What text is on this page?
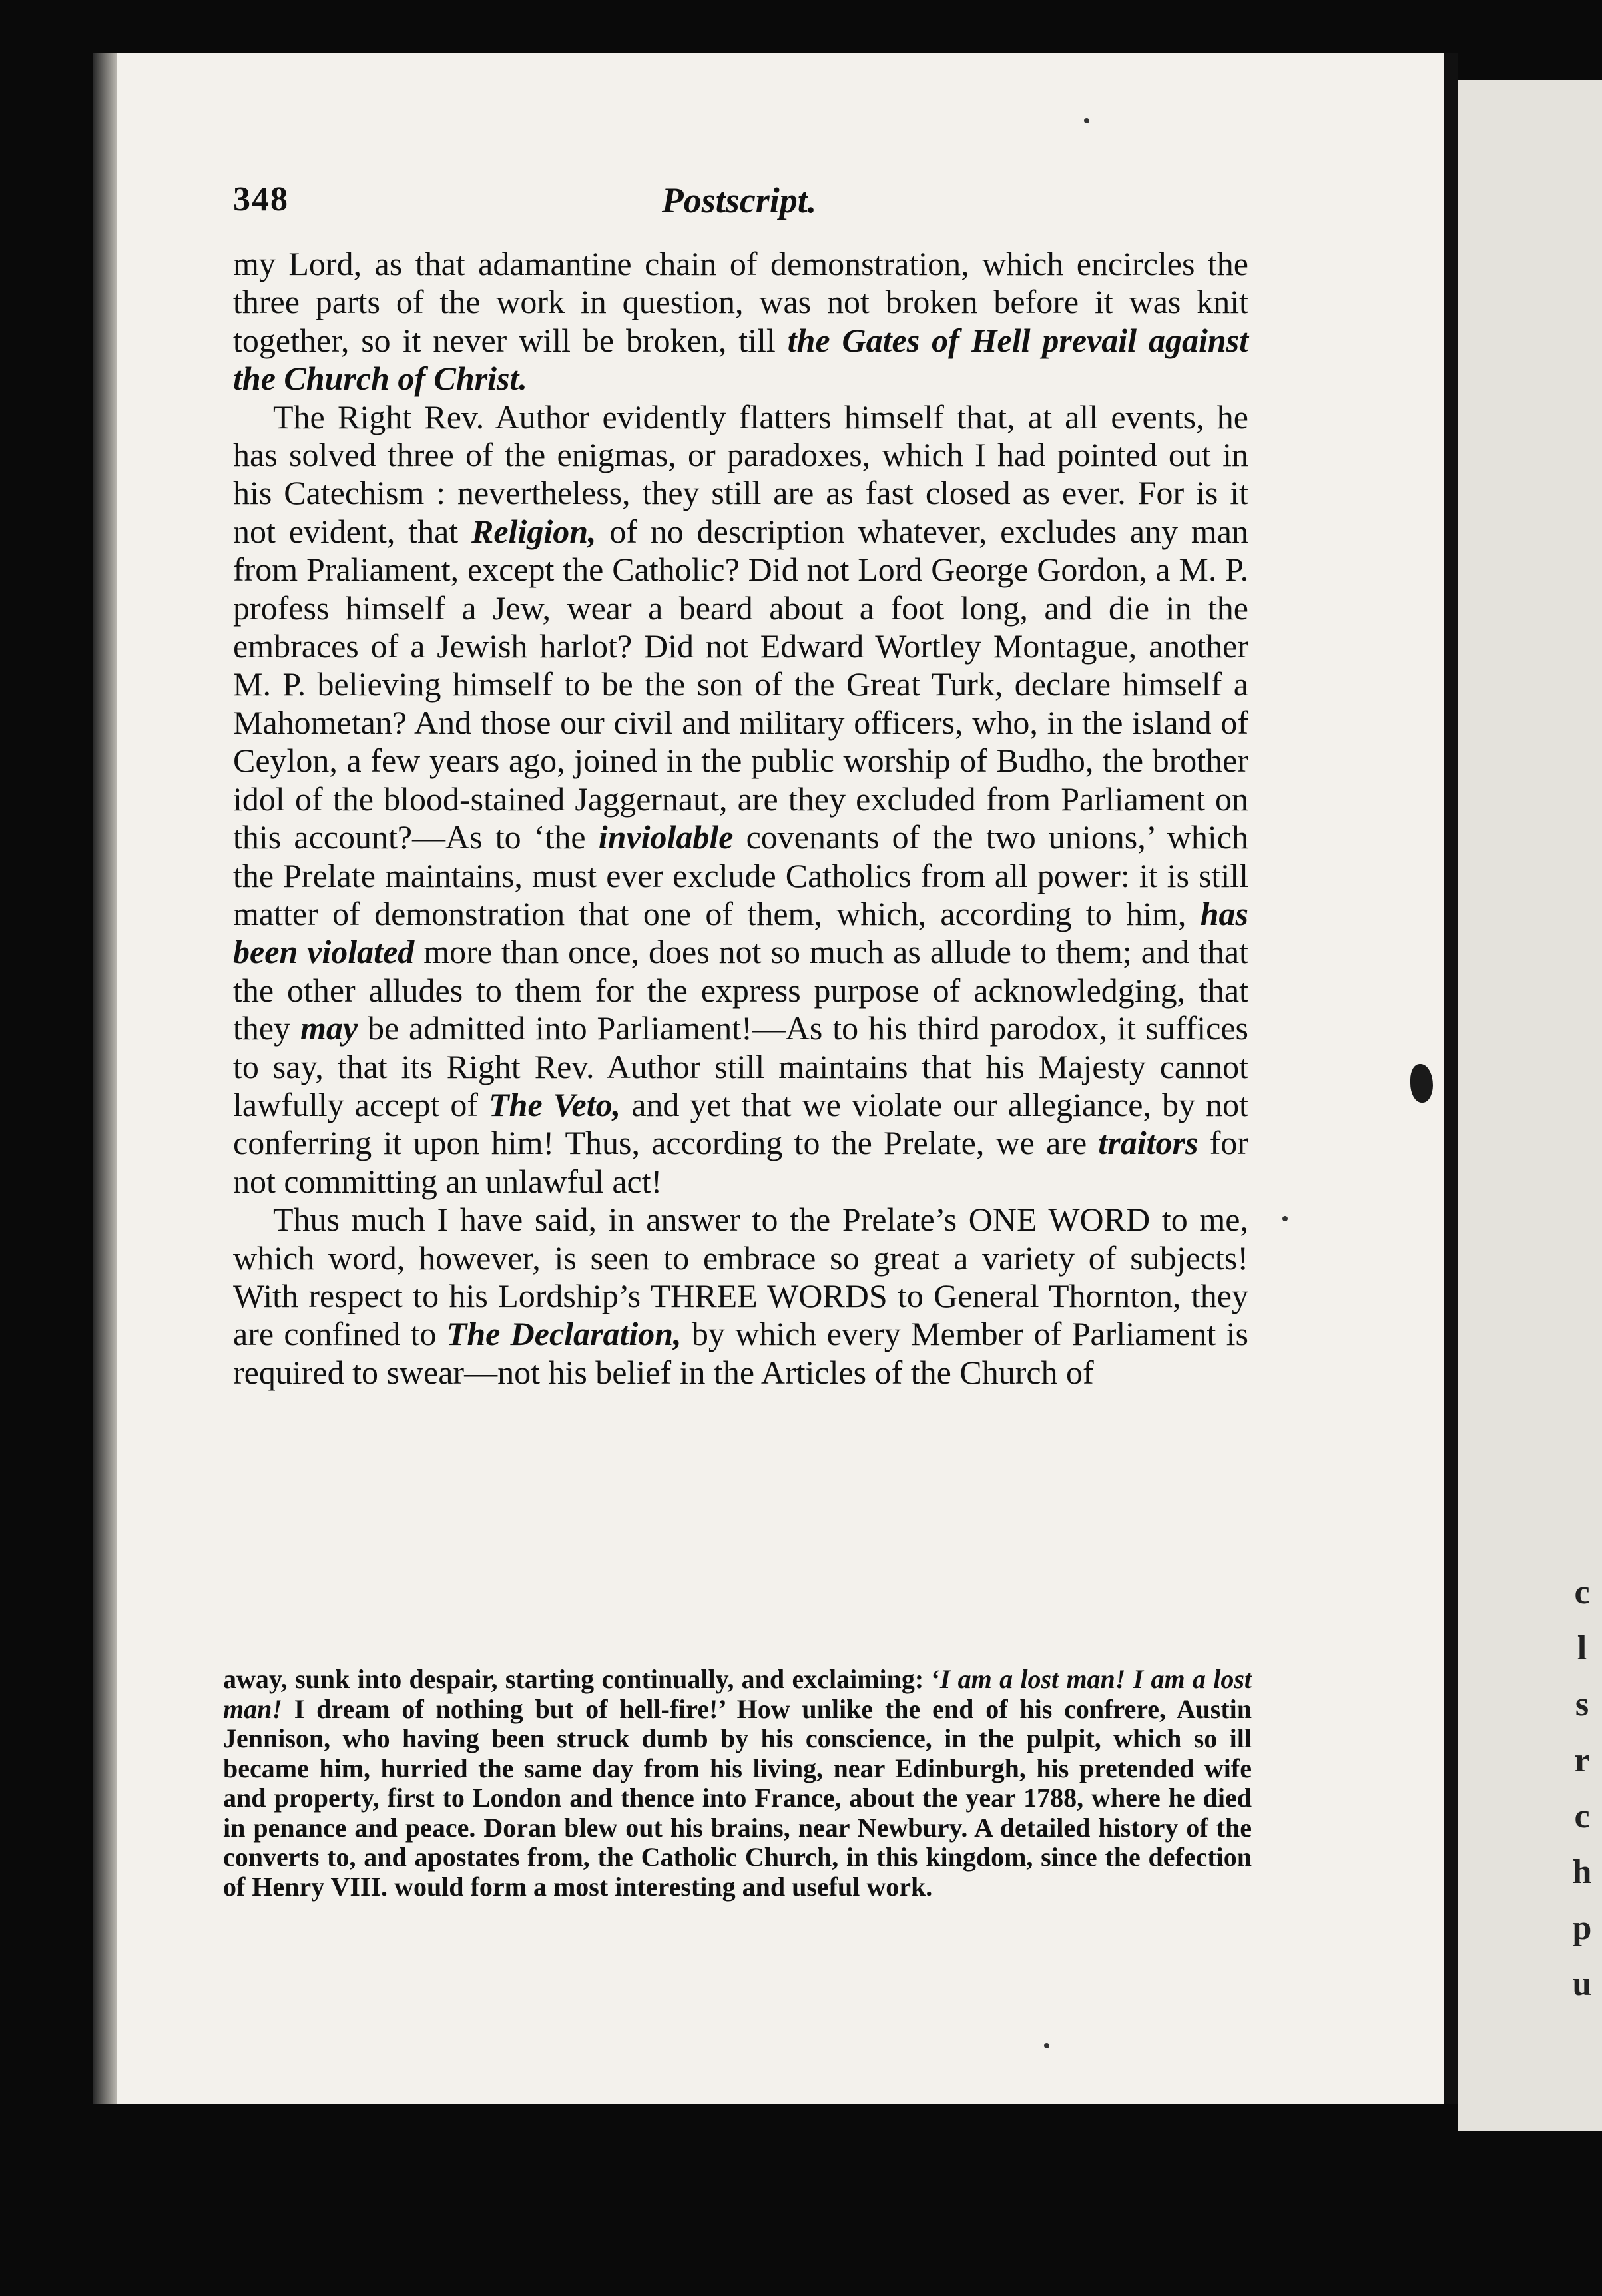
c
l
s
r
c
h
p
u
348	Postscript.

my Lord, as that adamantine chain of demonstration, which encircles the three parts of the work in question, was not broken before it was knit together, so it never will be broken, till the Gates of Hell prevail against the Church of Christ.

The Right Rev. Author evidently flatters himself that, at all events, he has solved three of the enigmas, or paradoxes, which I had pointed out in his Catechism : nevertheless, they still are as fast closed as ever. For is it not evident, that Religion, of no description whatever, excludes any man from Praliament, except the Catholic? Did not Lord George Gordon, a M. P. profess himself a Jew, wear a beard about a foot long, and die in the embraces of a Jewish harlot? Did not Edward Wortley Montague, another M. P. believing himself to be the son of the Great Turk, declare himself a Mahometan? And those our civil and military officers, who, in the island of Ceylon, a few years ago, joined in the public worship of Budho, the brother idol of the blood-stained Jaggernaut, are they excluded from Parliament on this account?—As to ‘the inviolable covenants of the two unions,’ which the Prelate maintains, must ever exclude Catholics from all power: it is still matter of demonstration that one of them, which, according to him, has been violated more than once, does not so much as allude to them; and that the other alludes to them for the express purpose of acknowledging, that they may be admitted into Parliament!—As to his third parodox, it suffices to say, that its Right Rev. Author still maintains that his Majesty cannot lawfully accept of The Veto, and yet that we violate our allegiance, by not conferring it upon him! Thus, according to the Prelate, we are traitors for not committing an unlawful act!

Thus much I have said, in answer to the Prelate’s ONE WORD to me, which word, however, is seen to embrace so great a variety of subjects! With respect to his Lordship’s THREE WORDS to General Thornton, they are confined to The Declaration, by which every Member of Parliament is required to swear—not his belief in the Articles of the Church of

away, sunk into despair, starting continually, and exclaiming: ‘I am a lost man! I am a lost man! I dream of nothing but of hell-fire!’ How unlike the end of his confrere, Austin Jennison, who having been struck dumb by his conscience, in the pulpit, which so ill became him, hurried the same day from his living, near Edinburgh, his pretended wife and property, first to London and thence into France, about the year 1788, where he died in penance and peace. Doran blew out his brains, near Newbury. A detailed history of the converts to, and apostates from, the Catholic Church, in this kingdom, since the defection of Henry VIII. would form a most interesting and useful work.
